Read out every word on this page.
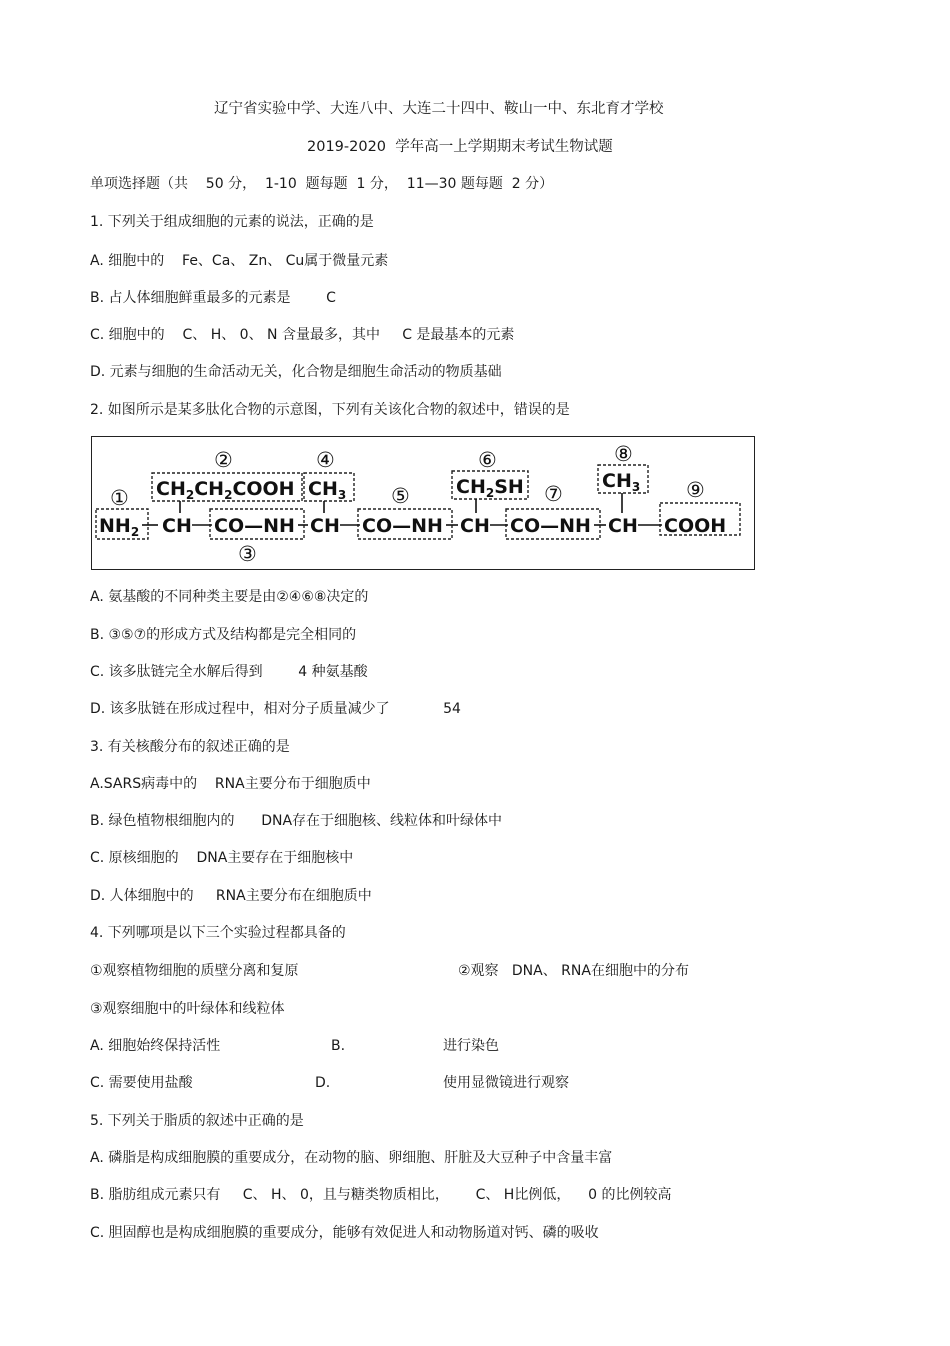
辽宁省实验中学、大连八中、大连二十四中、鞍山一中、东北育才学校
2019-2020  学年高一上学期期末考试生物试题
单项选择题（共    50 分，  1-10  题每题  1 分，  11—30 题每题  2 分）
1. 下列关于组成细胞的元素的说法，正确的是
A. 细胞中的    Fe、Ca、 Zn、 Cu属于微量元素
B. 占人体细胞鲜重最多的元素是        C
C. 细胞中的    C、 H、 0、 N 含量最多，其中     C 是最基本的元素
D. 元素与细胞的生命活动无关，化合物是细胞生命活动的物质基础
2. 如图所示是某多肽化合物的示意图，下列有关该化合物的叙述中，错误的是
①
②
③
④
⑤
⑥
⑦
⑧
⑨
$CH_2CH_2COOH$ $CH_3$	$CH_2SH$	$CH_3$
$NH_2$ CH CO—NH CH CO—NH CH CO—NH CH COOH
A. 氨基酸的不同种类主要是由②④⑥⑧决定的
B. ③⑤⑦的形成方式及结构都是完全相同的
C. 该多肽链完全水解后得到        4 种氨基酸
D. 该多肽链在形成过程中，相对分子质量减少了            54
3. 有关核酸分布的叙述正确的是
A.SARS病毒中的    RNA主要分布于细胞质中
B. 绿色植物根细胞内的      DNA存在于细胞核、线粒体和叶绿体中
C. 原核细胞的    DNA主要存在于细胞核中
D. 人体细胞中的     RNA主要分布在细胞质中
4. 下列哪项是以下三个实验过程都具备的
①观察植物细胞的质壁分离和复原	②观察   DNA、 RNA在细胞中的分布
③观察细胞中的叶绿体和线粒体
A. 细胞始终保持活性	B.	进行染色
C. 需要使用盐酸	D.	使用显微镜进行观察
5. 下列关于脂质的叙述中正确的是
A. 磷脂是构成细胞膜的重要成分，在动物的脑、卵细胞、肝脏及大豆种子中含量丰富
B. 脂肪组成元素只有     C、 H、 0，且与糖类物质相比，      C、 H比例低，    0 的比例较高
C. 胆固醇也是构成细胞膜的重要成分，能够有效促进人和动物肠道对钙、磷的吸收
